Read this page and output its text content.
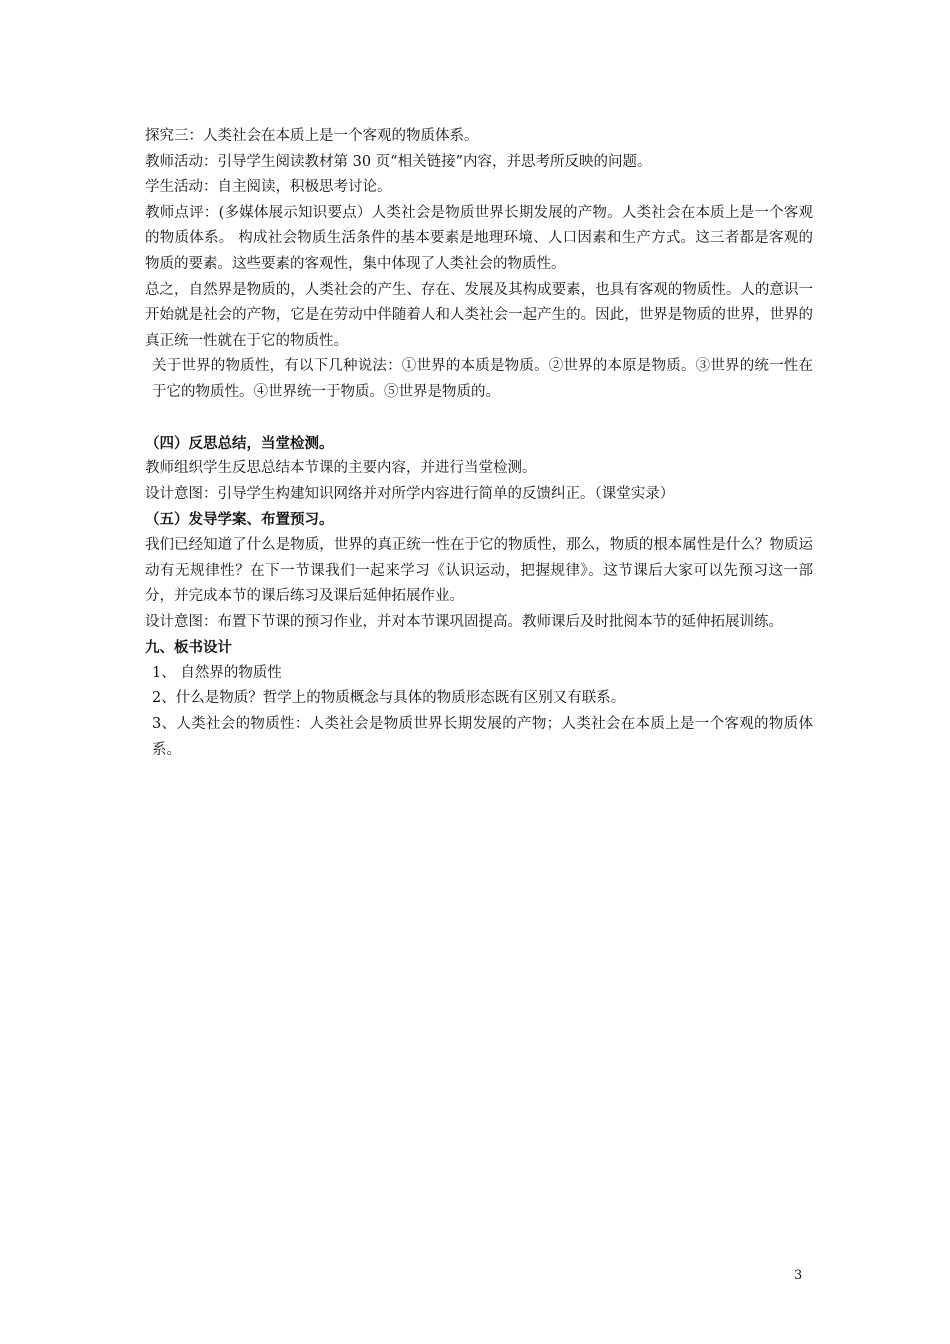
探究三：人类社会在本质上是一个客观的物质体系。

教师活动：引导学生阅读教材第 30 页“相关链接”内容，并思考所反映的问题。

学生活动：自主阅读，积极思考讨论。

教师点评：(多媒体展示知识要点）人类社会是物质世界长期发展的产物。人类社会在本质上是一个客观的物质体系。 构成社会物质生活条件的基本要素是地理环境、人口因素和生产方式。这三者都是客观的物质的要素。这些要素的客观性，集中体现了人类社会的物质性。

总之，自然界是物质的，人类社会的产生、存在、发展及其构成要素，也具有客观的物质性。人的意识一开始就是社会的产物，它是在劳动中伴随着人和人类社会一起产生的。因此，世界是物质的世界，世界的真正统一性就在于它的物质性。

关于世界的物质性，有以下几种说法：①世界的本质是物质。②世界的本原是物质。③世界的统一性在于它的物质性。④世界统一于物质。⑤世界是物质的。

（四）反思总结，当堂检测。

教师组织学生反思总结本节课的主要内容，并进行当堂检测。

设计意图：引导学生构建知识网络并对所学内容进行简单的反馈纠正。（课堂实录）

（五）发导学案、布置预习。

我们已经知道了什么是物质，世界的真正统一性在于它的物质性，那么，物质的根本属性是什么？物质运动有无规律性？在下一节课我们一起来学习《认识运动，把握规律》。这节课后大家可以先预习这一部分，并完成本节的课后练习及课后延伸拓展作业。

设计意图：布置下节课的预习作业，并对本节课巩固提高。教师课后及时批阅本节的延伸拓展训练。

九、板书设计

1、 自然界的物质性

2、什么是物质？哲学上的物质概念与具体的物质形态既有区别又有联系。

3、人类社会的物质性：人类社会是物质世界长期发展的产物；人类社会在本质上是一个客观的物质体系。

3
